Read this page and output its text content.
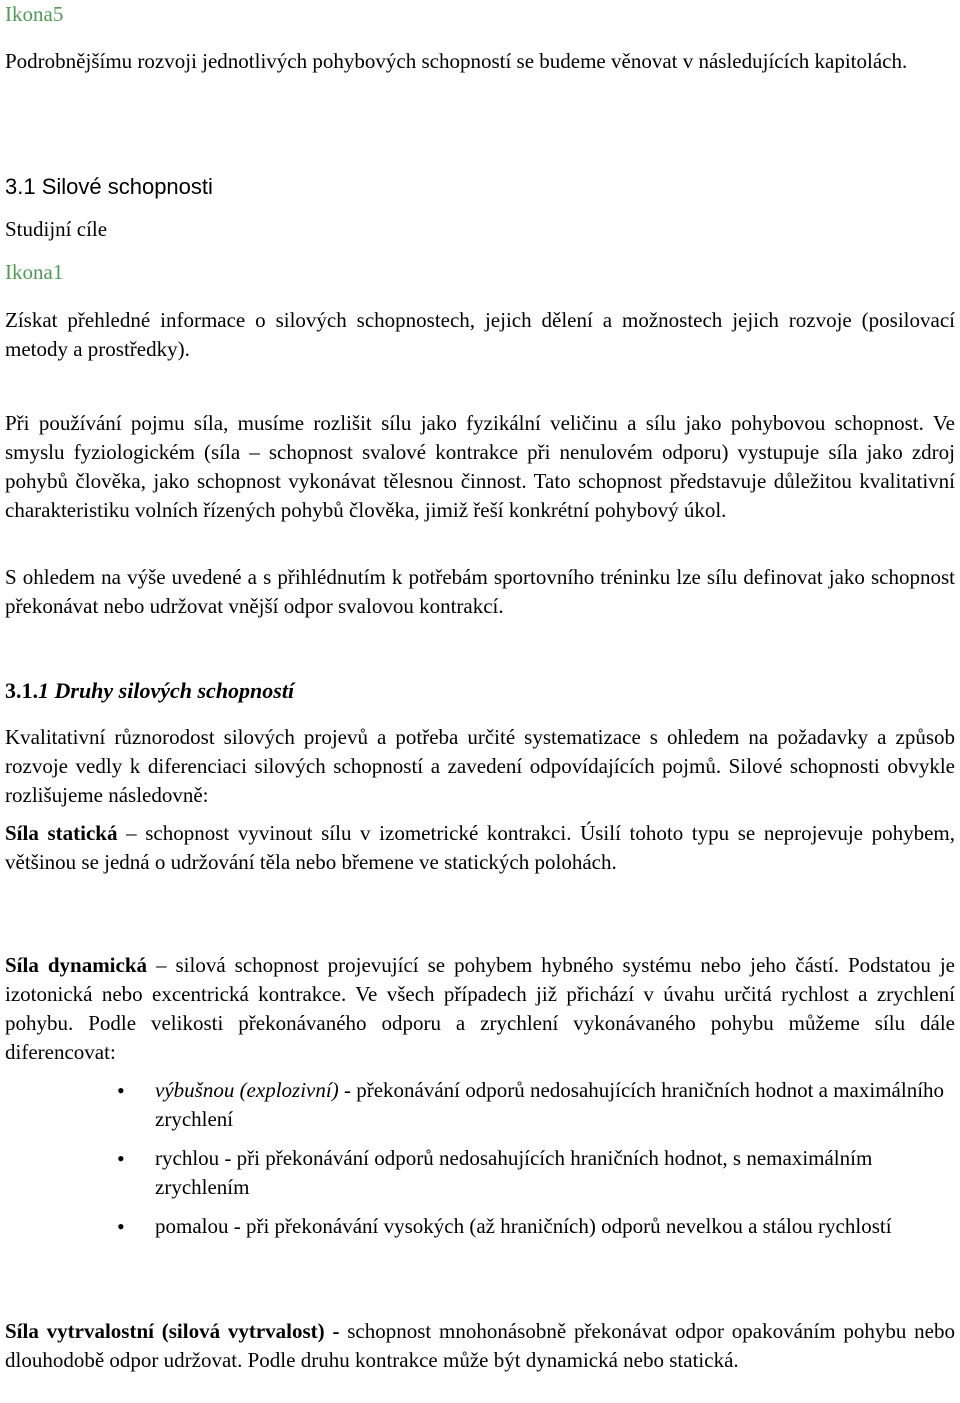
Ikona5

Podrobnějšímu rozvoji jednotlivých pohybových schopností se budeme věnovat v následujících kapitolách.

3.1 Silové schopnosti
Studijní cíle
Ikona1

Získat přehledné informace o silových schopnostech, jejich dělení a možnostech jejich rozvoje (posilovací metody a prostředky).

Při používání pojmu síla, musíme rozlišit sílu jako fyzikální veličinu a sílu jako pohybovou schopnost. Ve smyslu fyziologickém (síla – schopnost svalové kontrakce při nenulovém odporu) vystupuje síla jako zdroj pohybů člověka, jako schopnost vykonávat tělesnou činnost. Tato schopnost představuje důležitou kvalitativní charakteristiku volních řízených pohybů člověka, jimiž řeší konkrétní pohybový úkol.

S ohledem na výše uvedené a s přihlédnutím k potřebám sportovního tréninku lze sílu definovat jako schopnost překonávat nebo udržovat vnější odpor svalovou kontrakcí.

3.1.1 Druhy silových schopností

Kvalitativní různorodost silových projevů a potřeba určité systematizace s ohledem na požadavky a způsob rozvoje vedly k diferenciaci silových schopností a zavedení odpovídajících pojmů. Silové schopnosti obvykle rozlišujeme následovně:

Síla statická – schopnost vyvinout sílu v izometrické kontrakci. Úsilí tohoto typu se neprojevuje pohybem, většinou se jedná o udržování těla nebo břemene ve statických polohách.

Síla dynamická – silová schopnost projevující se pohybem hybného systému nebo jeho částí. Podstatou je izotonická nebo excentrická kontrakce. Ve všech případech již přichází v úvahu určitá rychlost a zrychlení pohybu. Podle velikosti překonávaného odporu a zrychlení vykonávaného pohybu můžeme sílu dále diferencovat:

• výbušnou (explozivní) - překonávání odporů nedosahujících hraničních hodnot a maximálního zrychlení
• rychlou - při překonávání odporů nedosahujících hraničních hodnot, s nemaximálním zrychlením
• pomalou - při překonávání vysokých (až hraničních) odporů nevelkou a stálou rychlostí

Síla vytrvalostní (silová vytrvalost) - schopnost mnohonásobně překonávat odpor opakováním pohybu nebo dlouhodobě odpor udržovat. Podle druhu kontrakce může být dynamická nebo statická.
